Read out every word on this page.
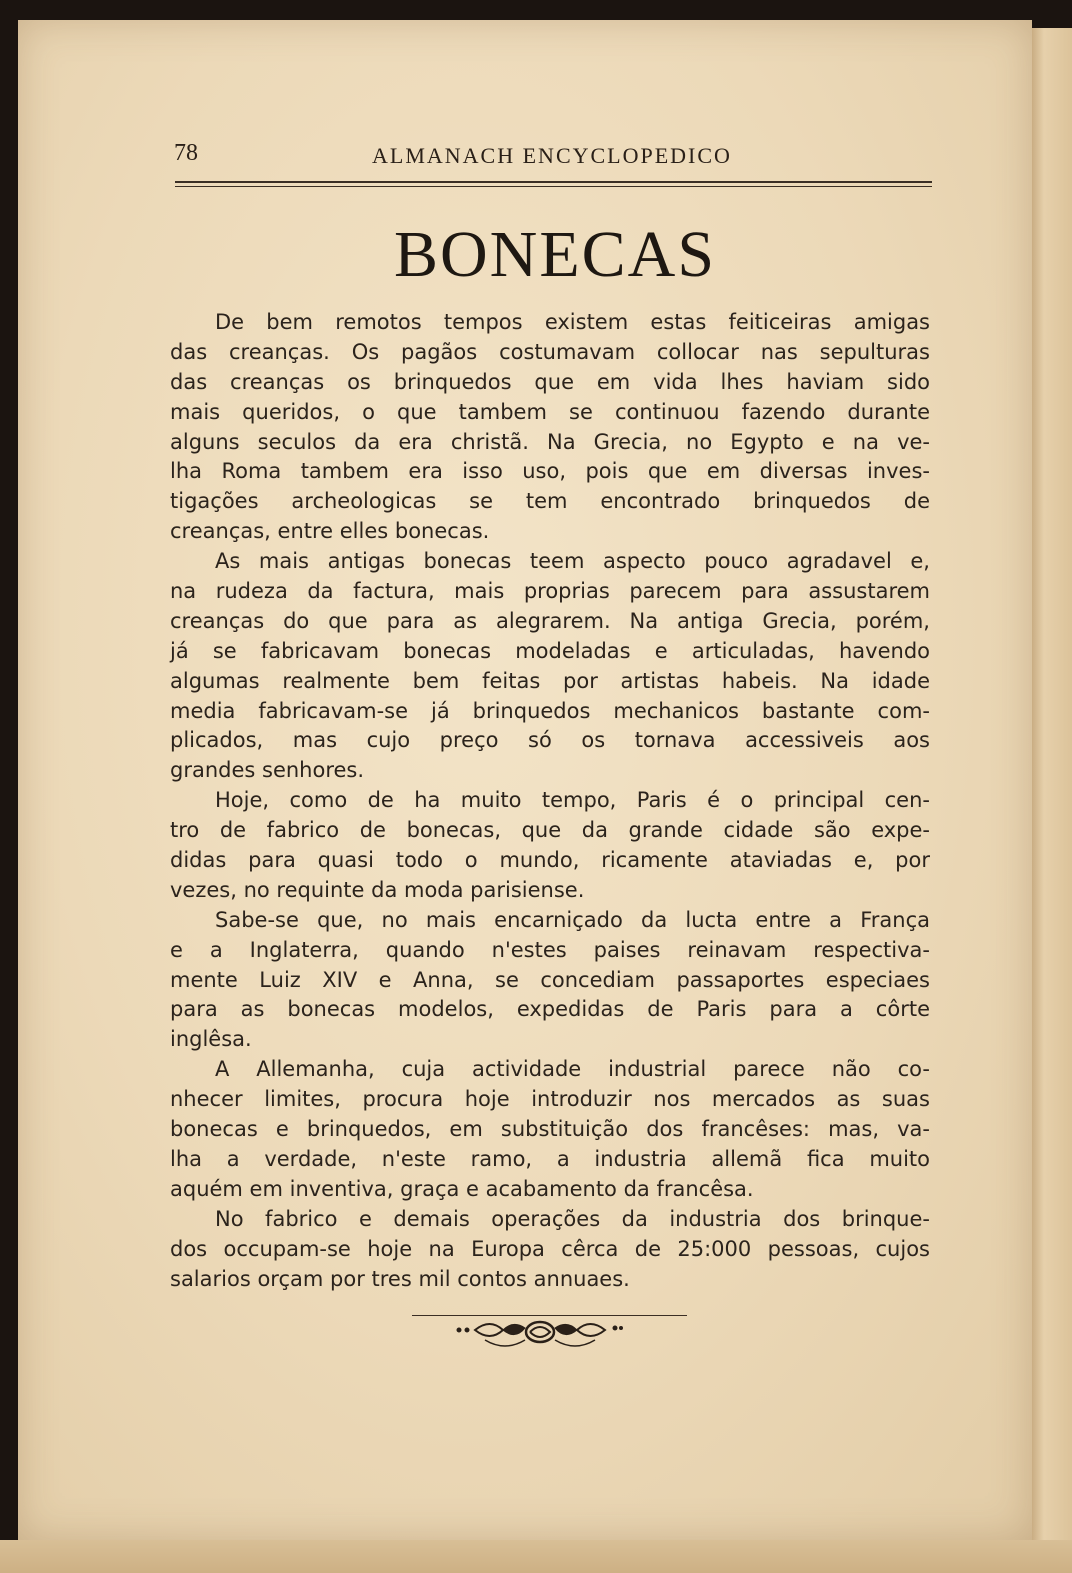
78	ALMANACH ENCYCLOPEDICO
BONECAS
De bem remotos tempos existem estas feiticeiras amigas
das creanças. Os pagãos costumavam collocar nas sepulturas
das creanças os brinquedos que em vida lhes haviam sido
mais queridos, o que tambem se continuou fazendo durante
alguns seculos da era christã. Na Grecia, no Egypto e na ve-
lha Roma tambem era isso uso, pois que em diversas inves-
tigações archeologicas se tem encontrado brinquedos de
creanças, entre elles bonecas.
As mais antigas bonecas teem aspecto pouco agradavel e,
na rudeza da factura, mais proprias parecem para assustarem
creanças do que para as alegrarem. Na antiga Grecia, porém,
já se fabricavam bonecas modeladas e articuladas, havendo
algumas realmente bem feitas por artistas habeis. Na idade
media fabricavam-se já brinquedos mechanicos bastante com-
plicados, mas cujo preço só os tornava accessiveis aos
grandes senhores.
Hoje, como de ha muito tempo, Paris é o principal cen-
tro de fabrico de bonecas, que da grande cidade são expe-
didas para quasi todo o mundo, ricamente ataviadas e, por
vezes, no requinte da moda parisiense.
Sabe-se que, no mais encarniçado da lucta entre a França
e a Inglaterra, quando n'estes paises reinavam respectiva-
mente Luiz XIV e Anna, se concediam passaportes especiaes
para as bonecas modelos, expedidas de Paris para a côrte
inglêsa.
A Allemanha, cuja actividade industrial parece não co-
nhecer limites, procura hoje introduzir nos mercados as suas
bonecas e brinquedos, em substituição dos francêses: mas, va-
lha a verdade, n'este ramo, a industria allemã fica muito
aquém em inventiva, graça e acabamento da francêsa.
No fabrico e demais operações da industria dos brinque-
dos occupam-se hoje na Europa cêrca de 25:000 pessoas, cujos
salarios orçam por tres mil contos annuaes.
